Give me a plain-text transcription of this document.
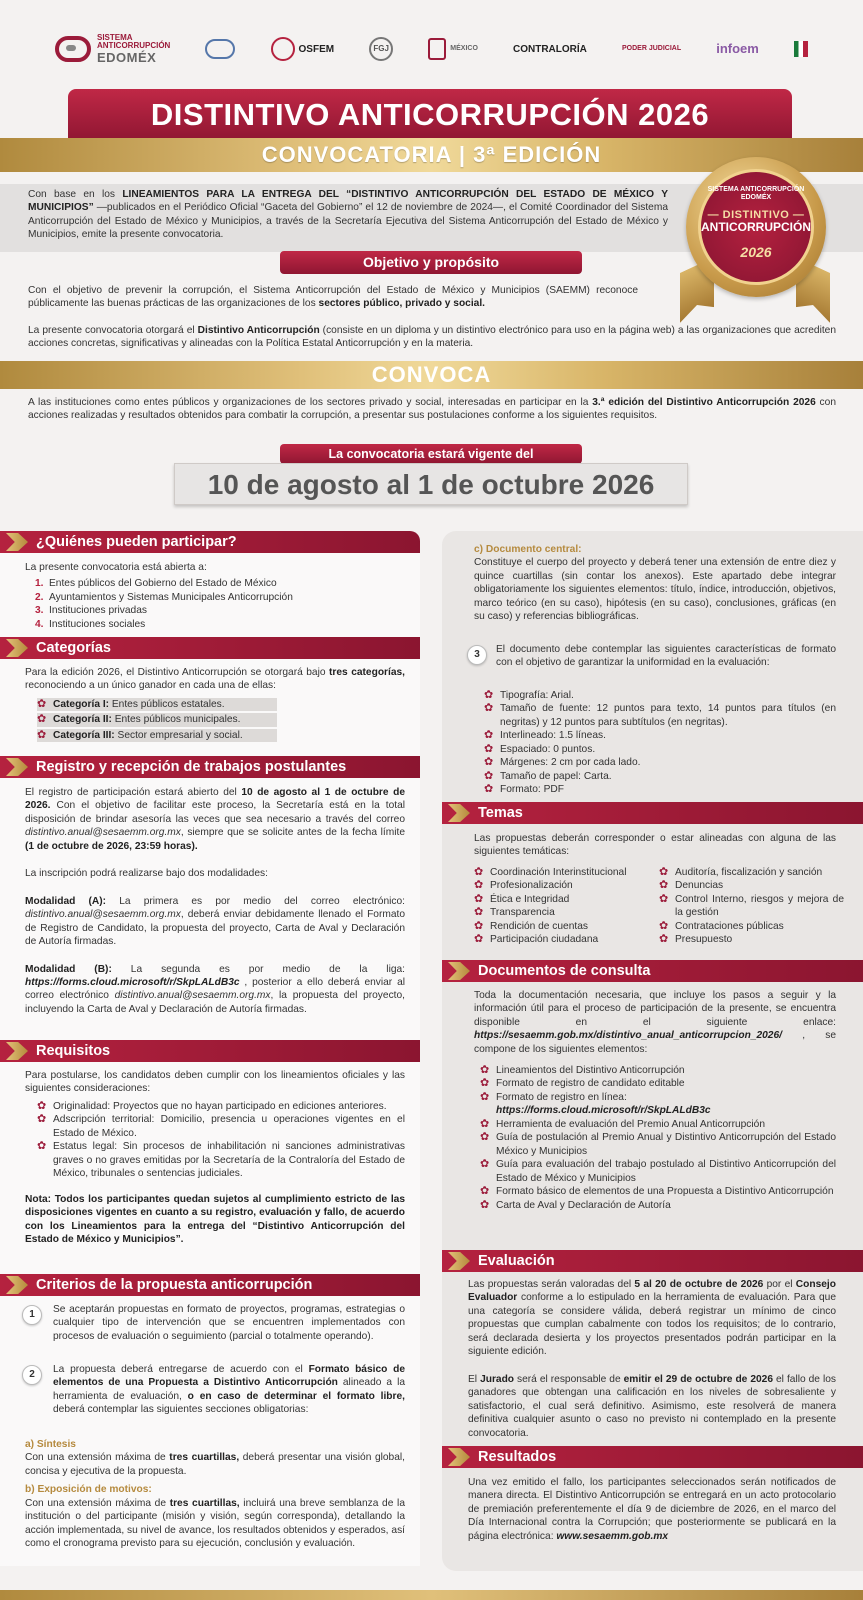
SISTEMA
ANTICORRUPCIÓN
EDOMÉX
OSFEM	FGJ	MÉXICO	CONTRALORÍA	PODER JUDICIAL	infoem
DISTINTIVO ANTICORRUPCIÓN 2026
CONVOCATORIA | 3ª EDICIÓN
Con base en los LINEAMIENTOS PARA LA ENTREGA DEL “DISTINTIVO ANTICORRUPCIÓN DEL ESTADO DE MÉXICO Y MUNICIPIOS” —publicados en el Periódico Oficial “Gaceta del Gobierno” el 12 de noviembre de 2024—, el Comité Coordinador del Sistema Anticorrupción del Estado de México y Municipios, a través de la Secretaría Ejecutiva del Sistema Anticorrupción del Estado de México y Municipios, emite la presente convocatoria.
SISTEMA ANTICORRUPCIÓN
EDOMÉX
— DISTINTIVO —
ANTICORRUPCIÓN
2026
Objetivo y propósito
Con el objetivo de prevenir la corrupción, el Sistema Anticorrupción del Estado de México y Municipios (SAEMM) reconoce públicamente las buenas prácticas de las organizaciones de los sectores público, privado y social.
La presente convocatoria otorgará el Distintivo Anticorrupción (consiste en un diploma y un distintivo electrónico para uso en la página web) a las organizaciones que acrediten acciones concretas, significativas y alineadas con la Política Estatal Anticorrupción y en la materia.
CONVOCA
A las instituciones como entes públicos y organizaciones de los sectores privado y social, interesadas en participar en la 3.ª edición del Distintivo Anticorrupción 2026 con acciones realizadas y resultados obtenidos para combatir la corrupción, a presentar sus postulaciones conforme a los siguientes requisitos.
La convocatoria estará vigente del
10 de agosto al 1 de octubre 2026
¿Quiénes pueden participar?
La presente convocatoria está abierta a:
1. Entes públicos del Gobierno del Estado de México
2. Ayuntamientos y Sistemas Municipales Anticorrupción
3. Instituciones privadas
4. Instituciones sociales
Categorías
Para la edición 2026, el Distintivo Anticorrupción se otorgará bajo tres categorías, reconociendo a un único ganador en cada una de ellas:
✿ Categoría I: Entes públicos estatales.
✿ Categoría II: Entes públicos municipales.
✿ Categoría III: Sector empresarial y social.
Registro y recepción de trabajos postulantes
El registro de participación estará abierto del 10 de agosto al 1 de octubre de 2026. Con el objetivo de facilitar este proceso, la Secretaría está en la total disposición de brindar asesoría las veces que sea necesario a través del correo distintivo.anual@sesaemm.org.mx, siempre que se solicite antes de la fecha límite (1 de octubre de 2026, 23:59 horas).
La inscripción podrá realizarse bajo dos modalidades:
Modalidad (A): La primera es por medio del correo electrónico: distintivo.anual@sesaemm.org.mx, deberá enviar debidamente llenado el Formato de Registro de Candidato, la propuesta del proyecto, Carta de Aval y Declaración de Autoría firmadas.
Modalidad (B): La segunda es por medio de la liga: https://forms.cloud.microsoft/r/SkpLALdB3c , posterior a ello deberá enviar al correo electrónico distintivo.anual@sesaemm.org.mx, la propuesta del proyecto, incluyendo la Carta de Aval y Declaración de Autoría firmadas.
Requisitos
Para postularse, los candidatos deben cumplir con los lineamientos oficiales y las siguientes consideraciones:
✿ Originalidad: Proyectos que no hayan participado en ediciones anteriores.
✿ Adscripción territorial: Domicilio, presencia u operaciones vigentes en el Estado de México.
✿ Estatus legal: Sin procesos de inhabilitación ni sanciones administrativas graves o no graves emitidas por la Secretaría de la Contraloría del Estado de México, tribunales o sentencias judiciales.
Nota: Todos los participantes quedan sujetos al cumplimiento estricto de las disposiciones vigentes en cuanto a su registro, evaluación y fallo, de acuerdo con los Lineamientos para la entrega del “Distintivo Anticorrupción del Estado de México y Municipios”.
Criterios de la propuesta anticorrupción
1	Se aceptarán propuestas en formato de proyectos, programas, estrategias o cualquier tipo de intervención que se encuentren implementados con procesos de evaluación o seguimiento (parcial o totalmente operando).
2	La propuesta deberá entregarse de acuerdo con el Formato básico de elementos de una Propuesta a Distintivo Anticorrupción alineado a la herramienta de evaluación, o en caso de determinar el formato libre, deberá contemplar las siguientes secciones obligatorias:
a) Síntesis
Con una extensión máxima de tres cuartillas, deberá presentar una visión global, concisa y ejecutiva de la propuesta.
b) Exposición de motivos:
Con una extensión máxima de tres cuartillas, incluirá una breve semblanza de la institución o del participante (misión y visión, según corresponda), detallando la acción implementada, su nivel de avance, los resultados obtenidos y esperados, así como el cronograma previsto para su ejecución, conclusión y evaluación.
c) Documento central:
Constituye el cuerpo del proyecto y deberá tener una extensión de entre diez y quince cuartillas (sin contar los anexos). Este apartado debe integrar obligatoriamente los siguientes elementos: título, índice, introducción, objetivos, marco teórico (en su caso), hipótesis (en su caso), conclusiones, gráficas (en su caso) y referencias bibliográficas.
3	El documento debe contemplar las siguientes características de formato con el objetivo de garantizar la uniformidad en la evaluación:
✿ Tipografía: Arial.
✿ Tamaño de fuente: 12 puntos para texto, 14 puntos para títulos (en negritas) y 12 puntos para subtítulos (en negritas).
✿ Interlineado: 1.5 líneas.
✿ Espaciado: 0 puntos.
✿ Márgenes: 2 cm por cada lado.
✿ Tamaño de papel: Carta.
✿ Formato: PDF
Temas
Las propuestas deberán corresponder o estar alineadas con alguna de las siguientes temáticas:
✿ Coordinación Interinstitucional
✿ Profesionalización
✿ Ética e Integridad
✿ Transparencia
✿ Rendición de cuentas
✿ Participación ciudadana
✿ Auditoría, fiscalización y sanción
✿ Denuncias
✿ Control Interno, riesgos y mejora de la gestión
✿ Contrataciones públicas
✿ Presupuesto
Documentos de consulta
Toda la documentación necesaria, que incluye los pasos a seguir y la información útil para el proceso de participación de la presente, se encuentra disponible en el siguiente enlace: https://sesaemm.gob.mx/distintivo_anual_anticorrupcion_2026/ , se compone de los siguientes elementos:
✿ Lineamientos del Distintivo Anticorrupción
✿ Formato de registro de candidato editable
✿ Formato de registro en línea:
https://forms.cloud.microsoft/r/SkpLALdB3c
✿ Herramienta de evaluación del Premio Anual Anticorrupción
✿ Guía de postulación al Premio Anual y Distintivo Anticorrupción del Estado México y Municipios
✿ Guía para evaluación del trabajo postulado al Distintivo Anticorrupción del Estado de México y Municipios
✿ Formato básico de elementos de una Propuesta a Distintivo Anticorrupción
✿ Carta de Aval y Declaración de Autoría
Evaluación
Las propuestas serán valoradas del 5 al 20 de octubre de 2026 por el Consejo Evaluador conforme a lo estipulado en la herramienta de evaluación. Para que una categoría se considere válida, deberá registrar un mínimo de cinco propuestas que cumplan cabalmente con todos los requisitos; de lo contrario, será declarada desierta y los proyectos presentados podrán participar en la siguiente edición.
El Jurado será el responsable de emitir el 29 de octubre de 2026 el fallo de los ganadores que obtengan una calificación en los niveles de sobresaliente y satisfactorio, el cual será definitivo. Asimismo, este resolverá de manera definitiva cualquier asunto o caso no previsto ni contemplado en la presente convocatoria.
Resultados
Una vez emitido el fallo, los participantes seleccionados serán notificados de manera directa. El Distintivo Anticorrupción se entregará en un acto protocolario de premiación preferentemente el día 9 de diciembre de 2026, en el marco del Día Internacional contra la Corrupción; que posteriormente se publicará en la página electrónica: www.sesaemm.gob.mx
